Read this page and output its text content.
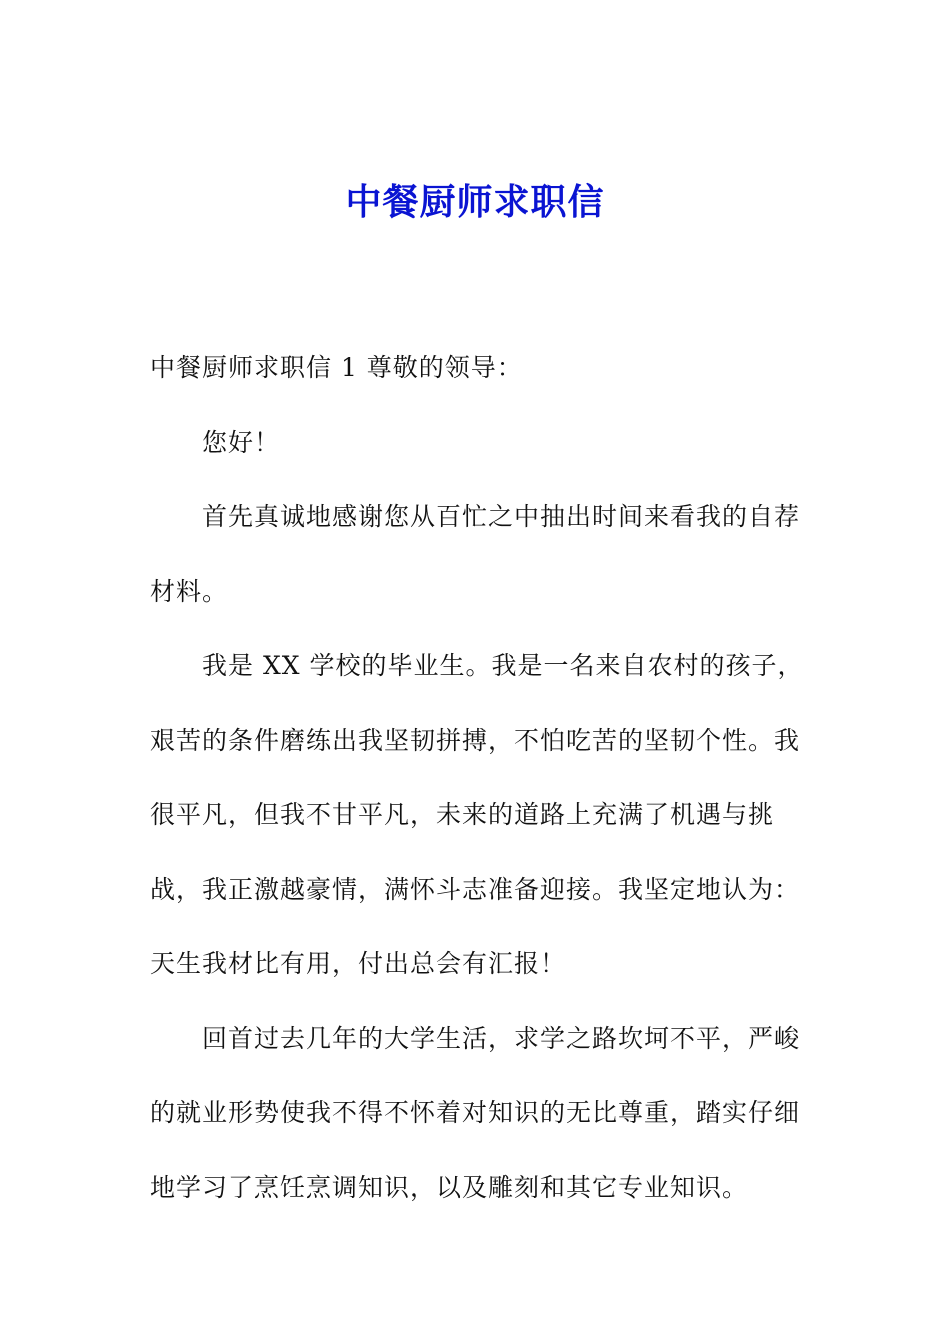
中餐厨师求职信

中餐厨师求职信 1 尊敬的领导：

您好！

首先真诚地感谢您从百忙之中抽出时间来看我的自荐材料。

我是 XX 学校的毕业生。我是一名来自农村的孩子，艰苦的条件磨练出我坚韧拼搏，不怕吃苦的坚韧个性。我很平凡，但我不甘平凡，未来的道路上充满了机遇与挑战，我正激越豪情，满怀斗志准备迎接。我坚定地认为：天生我材比有用，付出总会有汇报！

回首过去几年的大学生活，求学之路坎坷不平，严峻的就业形势使我不得不怀着对知识的无比尊重，踏实仔细地学习了烹饪烹调知识，以及雕刻和其它专业知识。
